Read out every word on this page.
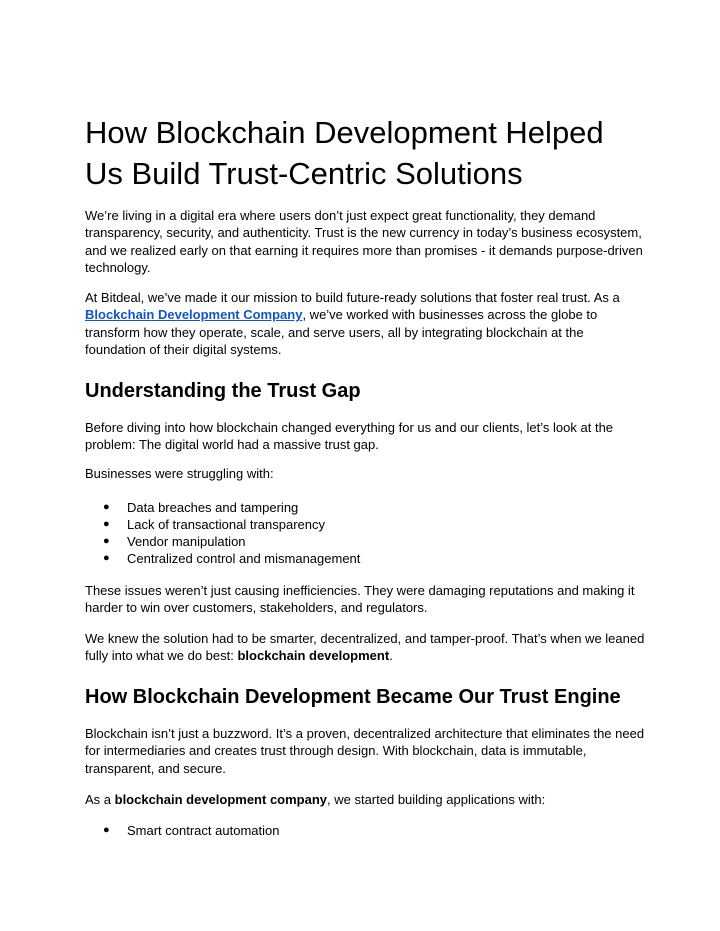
How Blockchain Development Helped Us Build Trust-Centric Solutions

We’re living in a digital era where users don’t just expect great functionality, they demand transparency, security, and authenticity. Trust is the new currency in today’s business ecosystem, and we realized early on that earning it requires more than promises - it demands purpose-driven technology.

At Bitdeal, we’ve made it our mission to build future-ready solutions that foster real trust. As a Blockchain Development Company, we’ve worked with businesses across the globe to transform how they operate, scale, and serve users, all by integrating blockchain at the foundation of their digital systems.

Understanding the Trust Gap

Before diving into how blockchain changed everything for us and our clients, let’s look at the problem: The digital world had a massive trust gap.

Businesses were struggling with:

● Data breaches and tampering
● Lack of transactional transparency
● Vendor manipulation
● Centralized control and mismanagement

These issues weren’t just causing inefficiencies. They were damaging reputations and making it harder to win over customers, stakeholders, and regulators.

We knew the solution had to be smarter, decentralized, and tamper-proof. That’s when we leaned fully into what we do best: blockchain development.

How Blockchain Development Became Our Trust Engine

Blockchain isn’t just a buzzword. It’s a proven, decentralized architecture that eliminates the need for intermediaries and creates trust through design. With blockchain, data is immutable, transparent, and secure.

As a blockchain development company, we started building applications with:

● Smart contract automation
